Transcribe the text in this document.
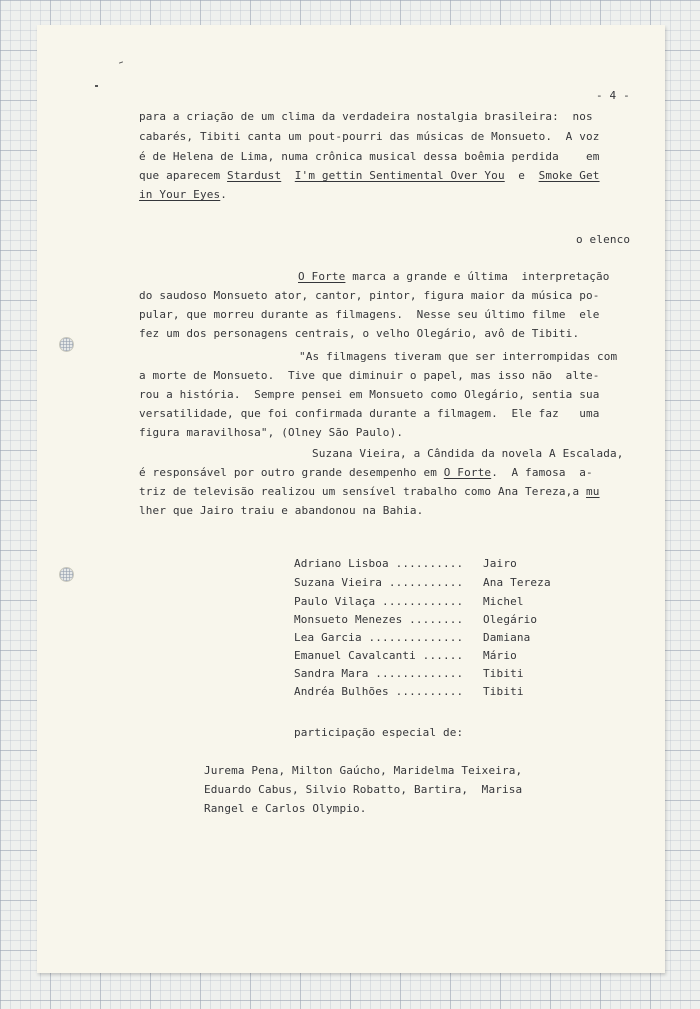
- 4 -
para a criação de um clima da verdadeira nostalgia brasileira:  nos
cabarés, Tibiti canta um pout-pourri das músicas de Monsueto.  A voz
é de Helena de Lima, numa crônica musical dessa boêmia perdida    em
que aparecem Stardust I'm gettin Sentimental Over You e Smoke Get
in Your Eyes.
o elenco
O Forte marca a grande e última  interpretação
do saudoso Monsueto ator, cantor, pintor, figura maior da música po-
pular, que morreu durante as filmagens.  Nesse seu último filme  ele
fez um dos personagens centrais, o velho Olegário, avô de Tibiti.
"As filmagens tiveram que ser interrompidas com
a morte de Monsueto.  Tive que diminuir o papel, mas isso não  alte-
rou a história.  Sempre pensei em Monsueto como Olegário, sentia sua
versatilidade, que foi confirmada durante a filmagem.  Ele faz   uma
figura maravilhosa", (Olney São Paulo).
Suzana Vieira, a Cândida da novela A Escalada,
é responsável por outro grande desempenho em O Forte.  A famosa  a-
triz de televisão realizou um sensível trabalho como Ana Tereza,a mu
lher que Jairo traiu e abandonou na Bahia.
Adriano Lisboa .......... Jairo
Suzana Vieira ........... Ana Tereza
Paulo Vilaça ............ Michel
Monsueto Menezes ........ Olegário
Lea Garcia .............. Damiana
Emanuel Cavalcanti ...... Mário
Sandra Mara ............. Tibiti
Andréa Bulhões .......... Tibiti
participação especial de:
Jurema Pena, Milton Gaúcho, Maridelma Teixeira,
Eduardo Cabus, Silvio Robatto, Bartira,  Marisa
Rangel e Carlos Olympio.
